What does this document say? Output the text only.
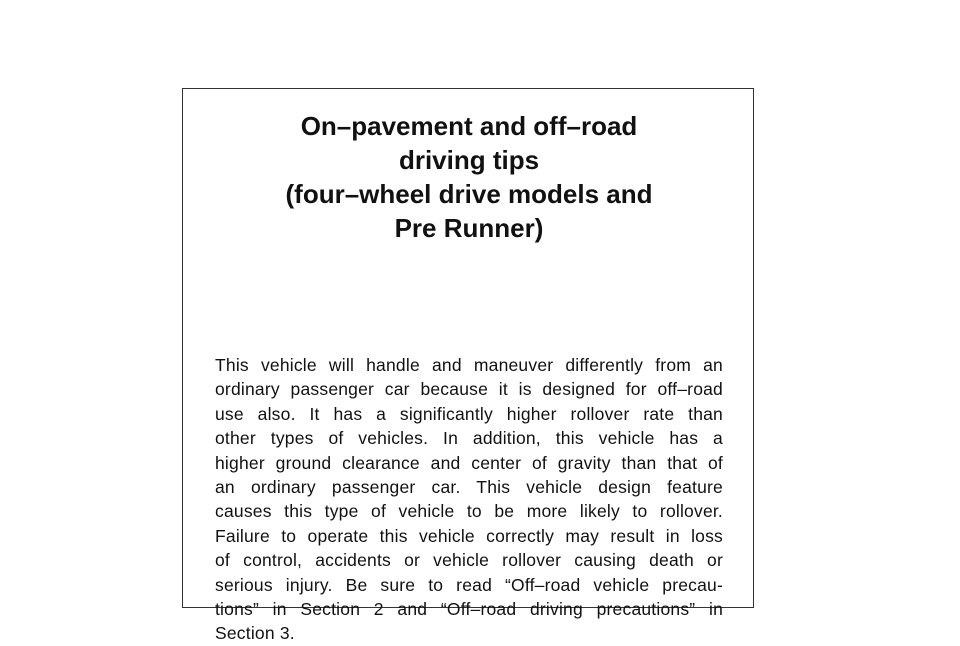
On–pavement and off–road
driving tips
(four–wheel drive models and
Pre Runner)

This vehicle will handle and maneuver differently from an
ordinary passenger car because it is designed for off–road
use also. It has a significantly higher rollover rate than
other types of vehicles. In addition, this vehicle has a
higher ground clearance and center of gravity than that of
an ordinary passenger car. This vehicle design feature
causes this type of vehicle to be more likely to rollover.
Failure to operate this vehicle correctly may result in loss
of control, accidents or vehicle rollover causing death or
serious injury. Be sure to read “Off–road vehicle precau-
tions” in Section 2 and “Off–road driving precautions” in
Section 3.
